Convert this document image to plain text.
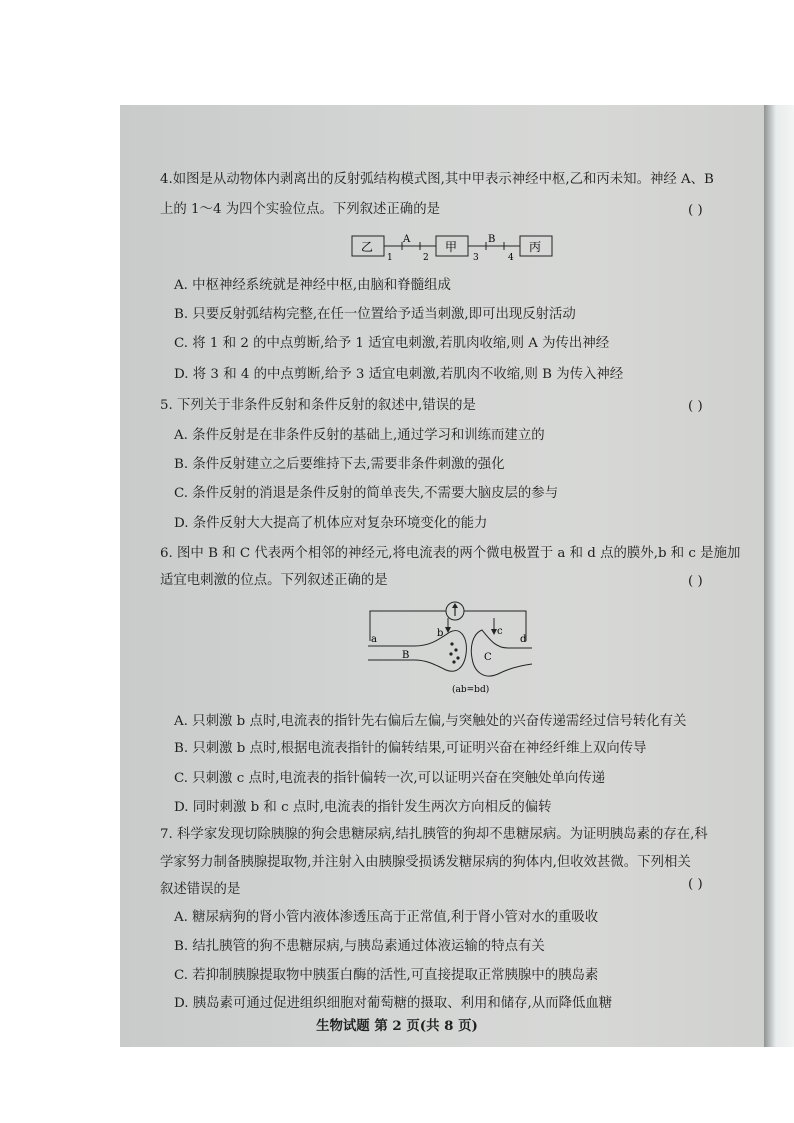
4.如图是从动物体内剥离出的反射弧结构模式图,其中甲表示神经中枢,乙和丙未知。神经 A、B
上的 1～4 为四个实验位点。下列叙述正确的是	( )
乙	甲	丙
A	B
1	2	3	4
A. 中枢神经系统就是神经中枢,由脑和脊髓组成
B. 只要反射弧结构完整,在任一位置给予适当刺激,即可出现反射活动
C. 将 1 和 2 的中点剪断,给予 1 适宜电刺激,若肌肉收缩,则 A 为传出神经
D. 将 3 和 4 的中点剪断,给予 3 适宜电刺激,若肌肉不收缩,则 B 为传入神经
5. 下列关于非条件反射和条件反射的叙述中,错误的是	( )
A. 条件反射是在非条件反射的基础上,通过学习和训练而建立的
B. 条件反射建立之后要维持下去,需要非条件刺激的强化
C. 条件反射的消退是条件反射的简单丧失,不需要大脑皮层的参与
D. 条件反射大大提高了机体应对复杂环境变化的能力
6. 图中 B 和 C 代表两个相邻的神经元,将电流表的两个微电极置于 a 和 d 点的膜外,b 和 c 是施加
适宜电刺激的位点。下列叙述正确的是	( )
a
b	c
d
B	C
(ab=bd)
A. 只刺激 b 点时,电流表的指针先右偏后左偏,与突触处的兴奋传递需经过信号转化有关
B. 只刺激 b 点时,根据电流表指针的偏转结果,可证明兴奋在神经纤维上双向传导
C. 只刺激 c 点时,电流表的指针偏转一次,可以证明兴奋在突触处单向传递
D. 同时刺激 b 和 c 点时,电流表的指针发生两次方向相反的偏转
7. 科学家发现切除胰腺的狗会患糖尿病,结扎胰管的狗却不患糖尿病。为证明胰岛素的存在,科
学家努力制备胰腺提取物,并注射入由胰腺受损诱发糖尿病的狗体内,但收效甚微。下列相关
叙述错误的是	( )
A. 糖尿病狗的肾小管内液体渗透压高于正常值,利于肾小管对水的重吸收
B. 结扎胰管的狗不患糖尿病,与胰岛素通过体液运输的特点有关
C. 若抑制胰腺提取物中胰蛋白酶的活性,可直接提取正常胰腺中的胰岛素
D. 胰岛素可通过促进组织细胞对葡萄糖的摄取、利用和储存,从而降低血糖
生物试题 第 2 页(共 8 页)
